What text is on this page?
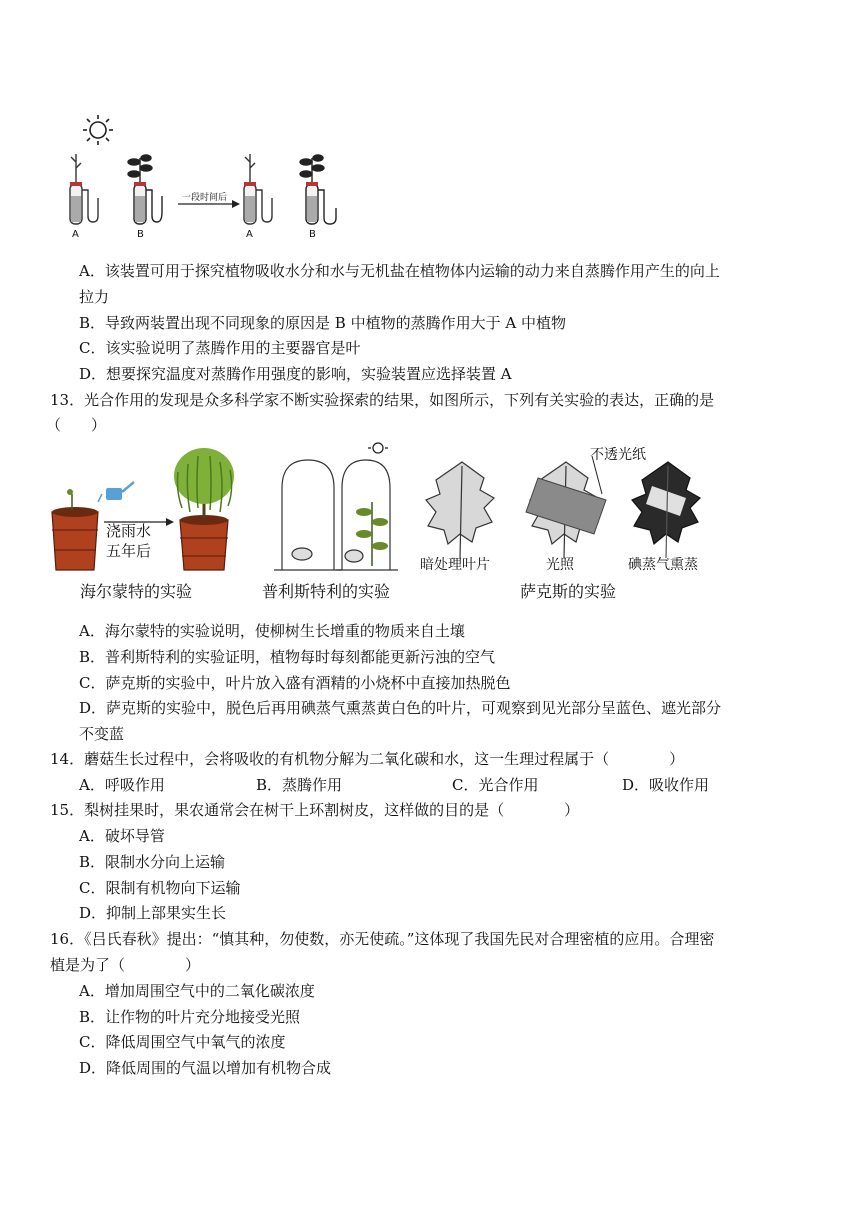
A	B
一段时间后
A	B
A．该装置可用于探究植物吸收水分和水与无机盐在植物体内运输的动力来自蒸腾作用产生的向上
拉力
B．导致两装置出现不同现象的原因是 B 中植物的蒸腾作用大于 A 中植物
C．该实验说明了蒸腾作用的主要器官是叶
D．想要探究温度对蒸腾作用强度的影响，实验装置应选择装置 A
13．光合作用的发现是众多科学家不断实验探索的结果，如图所示，下列有关实验的表达，正确的是
（　　）
浇雨水
五年后
海尔蒙特的实验	普利斯特利的实验
不透光纸
暗处理叶片	光照	碘蒸气熏蒸
萨克斯的实验
A．海尔蒙特的实验说明，使柳树生长增重的物质来自土壤
B．普利斯特利的实验证明，植物每时每刻都能更新污浊的空气
C．萨克斯的实验中，叶片放入盛有酒精的小烧杯中直接加热脱色
D．萨克斯的实验中，脱色后再用碘蒸气熏蒸黄白色的叶片，可观察到见光部分呈蓝色、遮光部分
不变蓝
14．蘑菇生长过程中，会将吸收的有机物分解为二氧化碳和水，这一生理过程属于（　　　　）
A．呼吸作用	B．蒸腾作用	C．光合作用	D．吸收作用
15．梨树挂果时，果农通常会在树干上环割树皮，这样做的目的是（　　　　）
A．破坏导管
B．限制水分向上运输
C．限制有机物向下运输
D．抑制上部果实生长
16．《吕氏春秋》提出：“慎其种，勿使数，亦无使疏。”这体现了我国先民对合理密植的应用。合理密
植是为了（　　　　）
A．增加周围空气中的二氧化碳浓度
B．让作物的叶片充分地接受光照
C．降低周围空气中氧气的浓度
D．降低周围的气温以增加有机物合成
